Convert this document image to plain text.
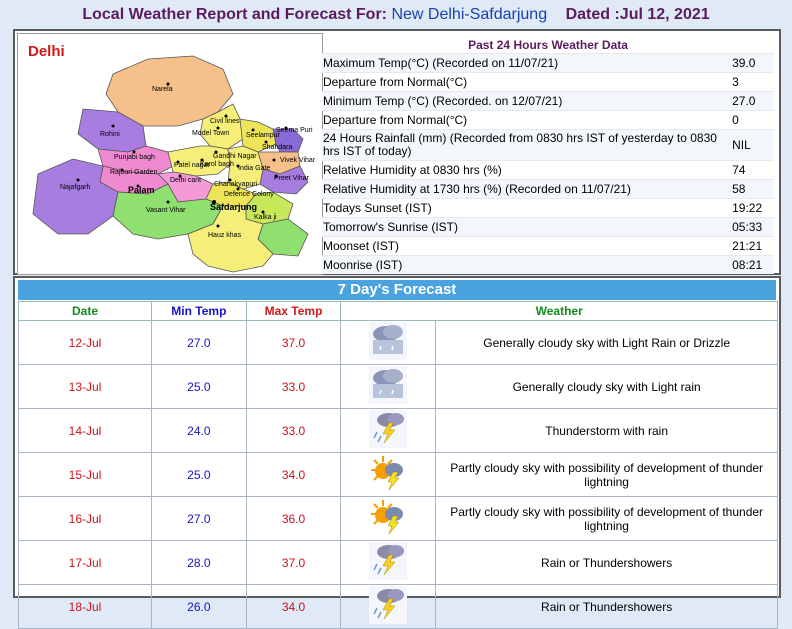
Local Weather Report and Forecast For: New Delhi-Safdarjung Dated :Jul 12, 2021
Delhi
Narela
Rohini
Civil lines
Model Town Seelampur
Seema Puri
Shahdara
Punjabi bagh
Patel nagar
Gandhi Nagar
Karol bagh
Vivek Vihar
Rajouri Garden
Delhi cant
India Gate
Preet Vihar
Najafgarh	Palam
Vasant Vihar	Safdarjung
Defence Colony
Kalka ji
Hauz khas
Chanakyapuri
Past 24 Hours Weather Data
Maximum Temp(°C) (Recorded on 11/07/21)	39.0
Departure from Normal(°C)	3
Minimum Temp (°C) (Recorded. on 12/07/21)	27.0
Departure from Normal(°C)	0
24 Hours Rainfall (mm) (Recorded from 0830 hrs IST of yesterday to 0830 hrs IST of today)	NIL
Relative Humidity at 0830 hrs (%)	74
Relative Humidity at 1730 hrs (%) (Recorded on 11/07/21)	58
Todays Sunset (IST)	19:22
Tomorrow's Sunrise (IST)	05:33
Moonset (IST)	21:21
Moonrise (IST)	08:21
7 Day's Forecast
Date	Min Temp	Max Temp	Weather	
12-Jul	27.0	37.0		Generally cloudy sky with Light Rain or Drizzle
13-Jul	25.0	33.0		Generally cloudy sky with Light rain
14-Jul	24.0	33.0		Thunderstorm with rain
15-Jul	25.0	34.0		Partly cloudy sky with possibility of development of thunder lightning
16-Jul	27.0	36.0		Partly cloudy sky with possibility of development of thunder lightning
17-Jul	28.0	37.0		Rain or Thundershowers
18-Jul	26.0	34.0		Rain or Thundershowers
